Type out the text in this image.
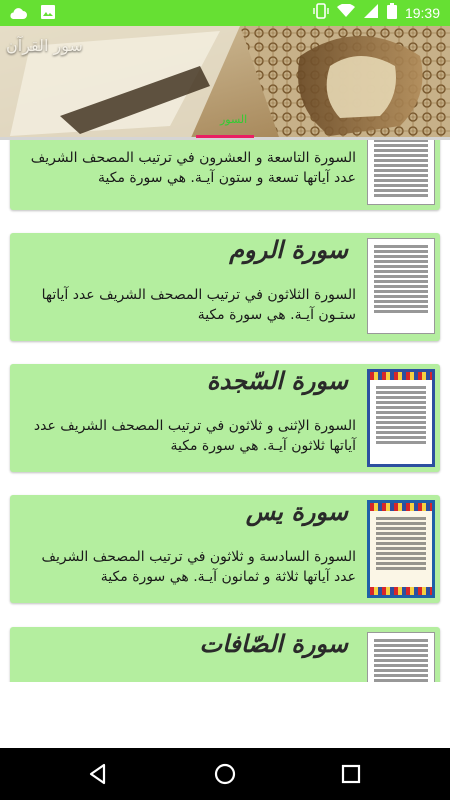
19:39
سور القرآن
السور
السورة التاسعة و العشرون في ترتيب المصحف الشريف عدد آياتها تسعة و ستون آيـة. هي سورة مكية
سورة الروم
السورة الثلاثون في ترتيب المصحف الشريف عدد آياتها ستـون آيـة. هي سورة مكية
سورة السّجدة
السورة الإثنى و ثلاثون في ترتيب المصحف الشريف عدد آياتها ثلاثون آيـة. هي سورة مكية
سورة يس
السورة السادسة و ثلاثون في ترتيب المصحف الشريف عدد آياتها ثلاثة و ثمانون آيـة. هي سورة مكية
سورة الصّافات
